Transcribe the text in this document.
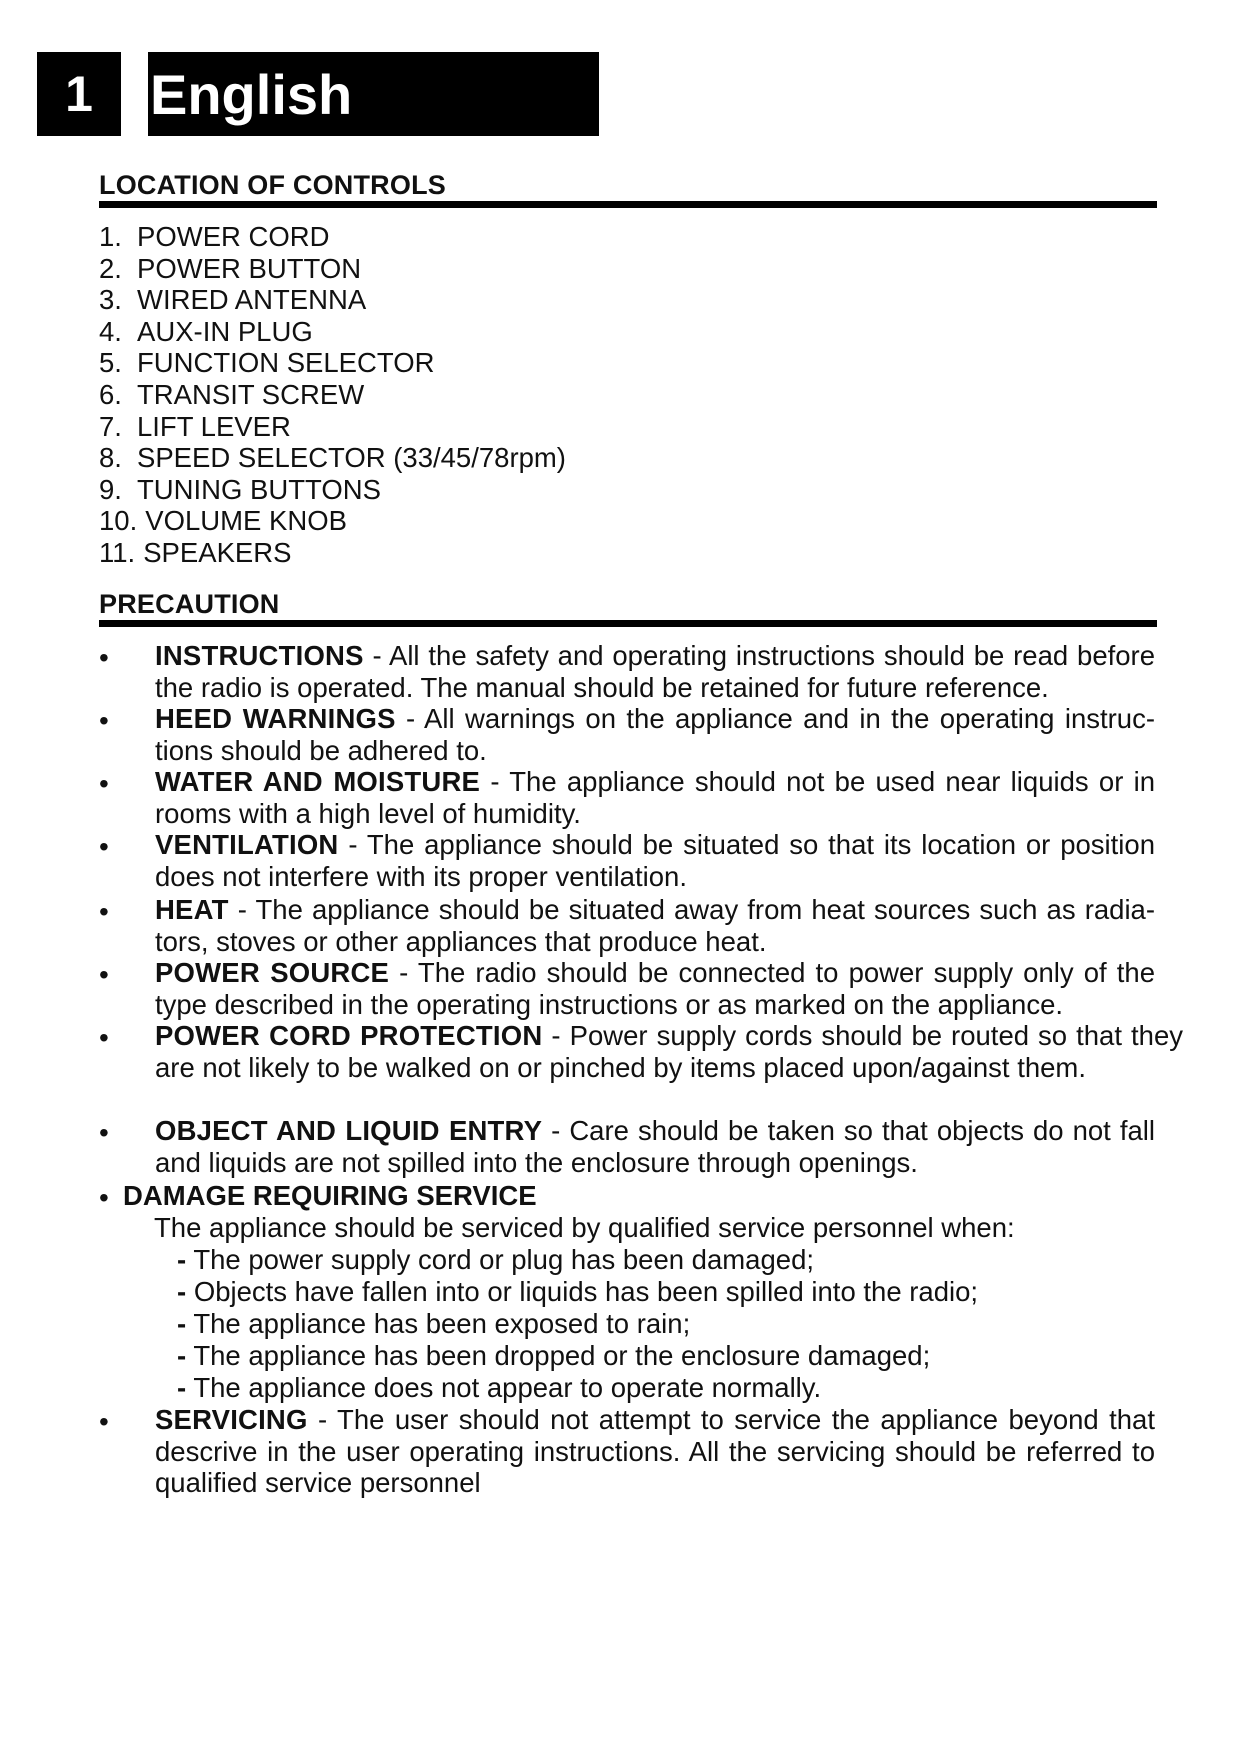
1	English
LOCATION OF CONTROLS
1. POWER CORD
2. POWER BUTTON
3. WIRED ANTENNA
4. AUX-IN PLUG
5. FUNCTION SELECTOR
6. TRANSIT SCREW
7. LIFT LEVER
8. SPEED SELECTOR (33/45/78rpm)
9. TUNING BUTTONS
10. VOLUME KNOB
11. SPEAKERS
PRECAUTION
• INSTRUCTIONS - All the safety and operating instructions should be read before the radio is operated. The manual should be retained for future reference.
• HEED WARNINGS - All warnings on the appliance and in the operating instruc-tions should be adhered to.
• WATER AND MOISTURE - The appliance should not be used near liquids or in rooms with a high level of humidity.
• VENTILATION - The appliance should be situated so that its location or position does not interfere with its proper ventilation.
• HEAT - The appliance should be situated away from heat sources such as radia-tors, stoves or other appliances that produce heat.
• POWER SOURCE - The radio should be connected to power supply only of the type described in the operating instructions or as marked on the appliance.
• POWER CORD PROTECTION - Power supply cords should be routed so that they are not likely to be walked on or pinched by items placed upon/against them.
• OBJECT AND LIQUID ENTRY - Care should be taken so that objects do not fall and liquids are not spilled into the enclosure through openings.
• DAMAGE REQUIRING SERVICE
The appliance should be serviced by qualified service personnel when:
- The power supply cord or plug has been damaged;
- Objects have fallen into or liquids has been spilled into the radio;
- The appliance has been exposed to rain;
- The appliance has been dropped or the enclosure damaged;
- The appliance does not appear to operate normally.
• SERVICING - The user should not attempt to service the appliance beyond that descrive in the user operating instructions. All the servicing should be referred to qualified service personnel
